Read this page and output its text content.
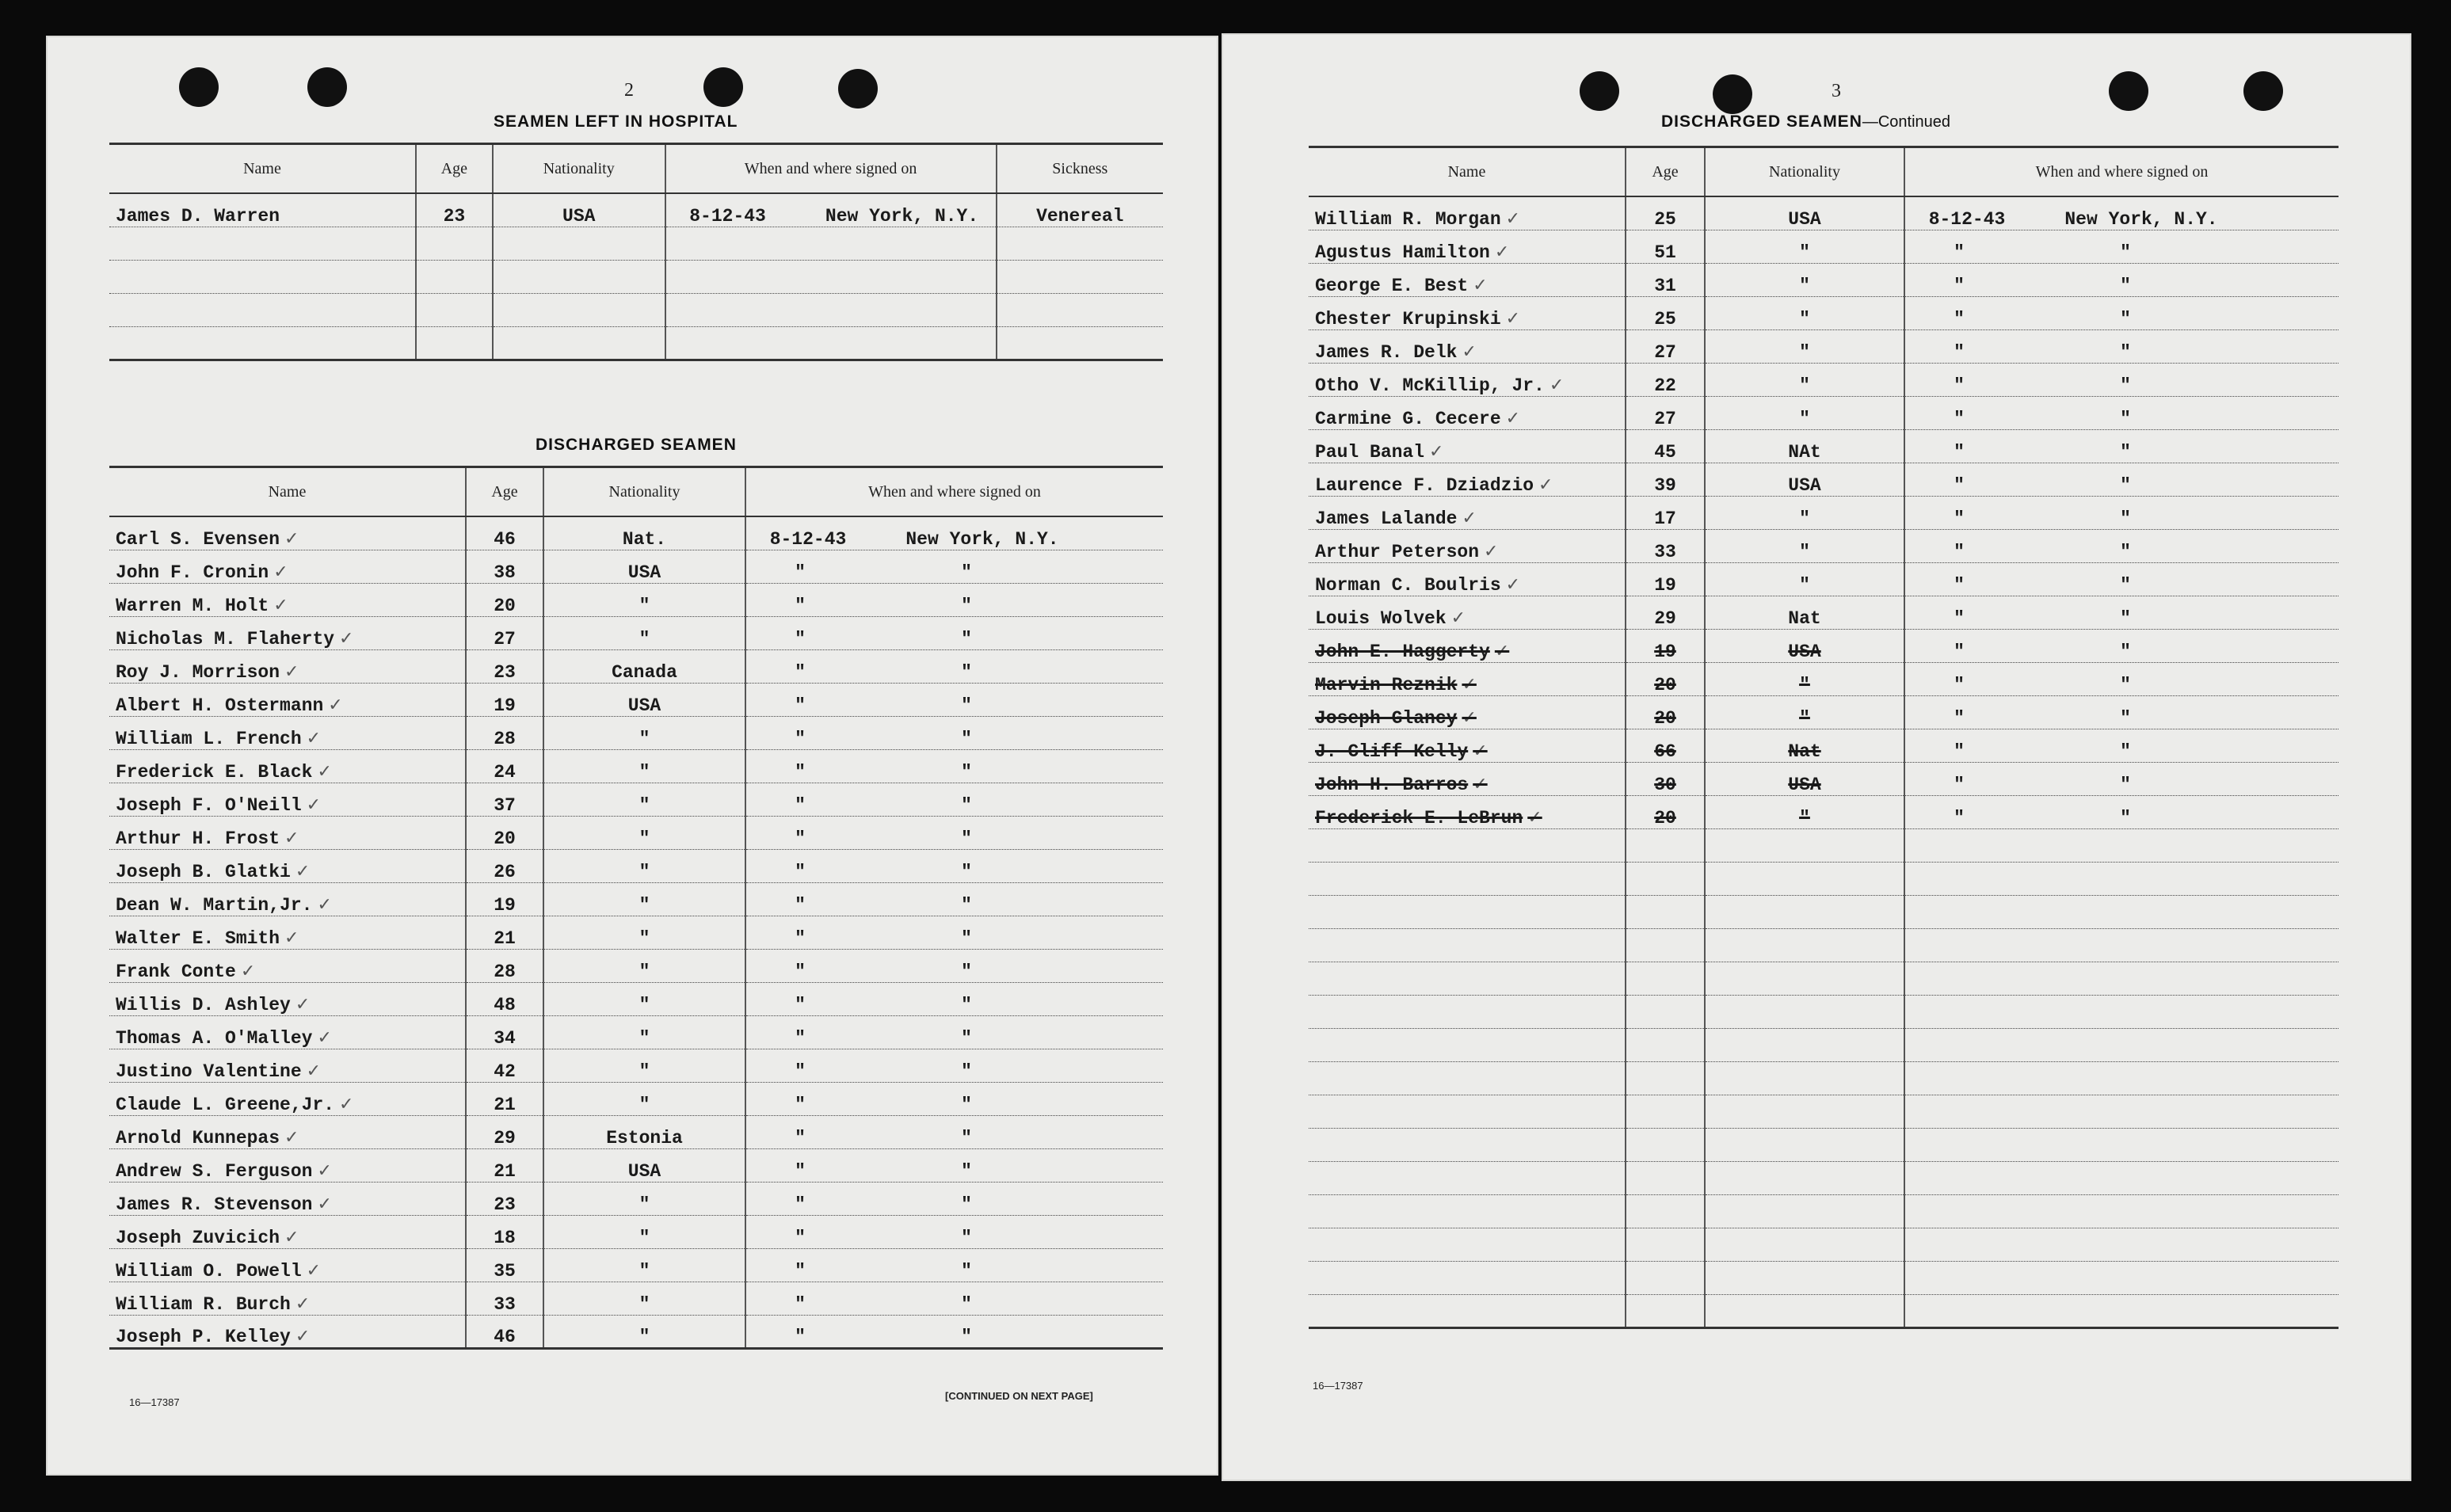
2
SEAMEN LEFT IN HOSPITAL
Name	Age	Nationality	When and where signed on	Sickness
James D. Warren	23	USA	8-12-43 New York, N.Y.	Venereal

DISCHARGED SEAMEN
Name	Age	Nationality	When and where signed on
Carl S. Evensen ✓	46	Nat.	8-12-43 New York, N.Y.
John F. Cronin ✓	38	USA	" "
Warren M. Holt ✓	20	"	" "
Nicholas M. Flaherty ✓	27	"	" "
Roy J. Morrison ✓	23	Canada	" "
Albert H. Ostermann ✓	19	USA	" "
William L. French ✓	28	"	" "
Frederick E. Black ✓	24	"	" "
Joseph F. O'Neill ✓	37	"	" "
Arthur H. Frost ✓	20	"	" "
Joseph B. Glatki ✓	26	"	" "
Dean W. Martin,Jr. ✓	19	"	" "
Walter E. Smith ✓	21	"	" "
Frank Conte ✓	28	"	" "
Willis D. Ashley ✓	48	"	" "
Thomas A. O'Malley ✓	34	"	" "
Justino Valentine ✓	42	"	" "
Claude L. Greene,Jr. ✓	21	"	" "
Arnold Kunnepas ✓	29	Estonia	" "
Andrew S. Ferguson ✓	21	USA	" "
James R. Stevenson ✓	23	"	" "
Joseph Zuvicich ✓	18	"	" "
William O. Powell ✓	35	"	" "
William R. Burch ✓	33	"	" "
Joseph P. Kelley ✓	46	"	" "
16—17387
[CONTINUED ON NEXT PAGE]
3
DISCHARGED SEAMEN—Continued
Name	Age	Nationality	When and where signed on
William R. Morgan ✓	25	USA	8-12-43 New York, N.Y.
Agustus Hamilton ✓	51	"	" "
George E. Best ✓	31	"	" "
Chester Krupinski ✓	25	"	" "
James R. Delk ✓	27	"	" "
Otho V. McKillip, Jr. ✓	22	"	" "
Carmine G. Cecere ✓	27	"	" "
Paul Banal ✓	45	NAt	" "
Laurence F. Dziadzio ✓	39	USA	" "
James Lalande ✓	17	"	" "
Arthur Peterson ✓	33	"	" "
Norman C. Boulris ✓	19	"	" "
Louis Wolvek ✓	29	Nat	" "
John E. Haggerty ✓	19	USA	" "
Marvin Reznik ✓	20	"	" "
Joseph Glancy ✓	20	"	" "
J. Cliff Kelly ✓	66	Nat	" "
John H. Barros ✓	30	USA	" "
Frederick E. LeBrun ✓	20	"	" "

16—17387
